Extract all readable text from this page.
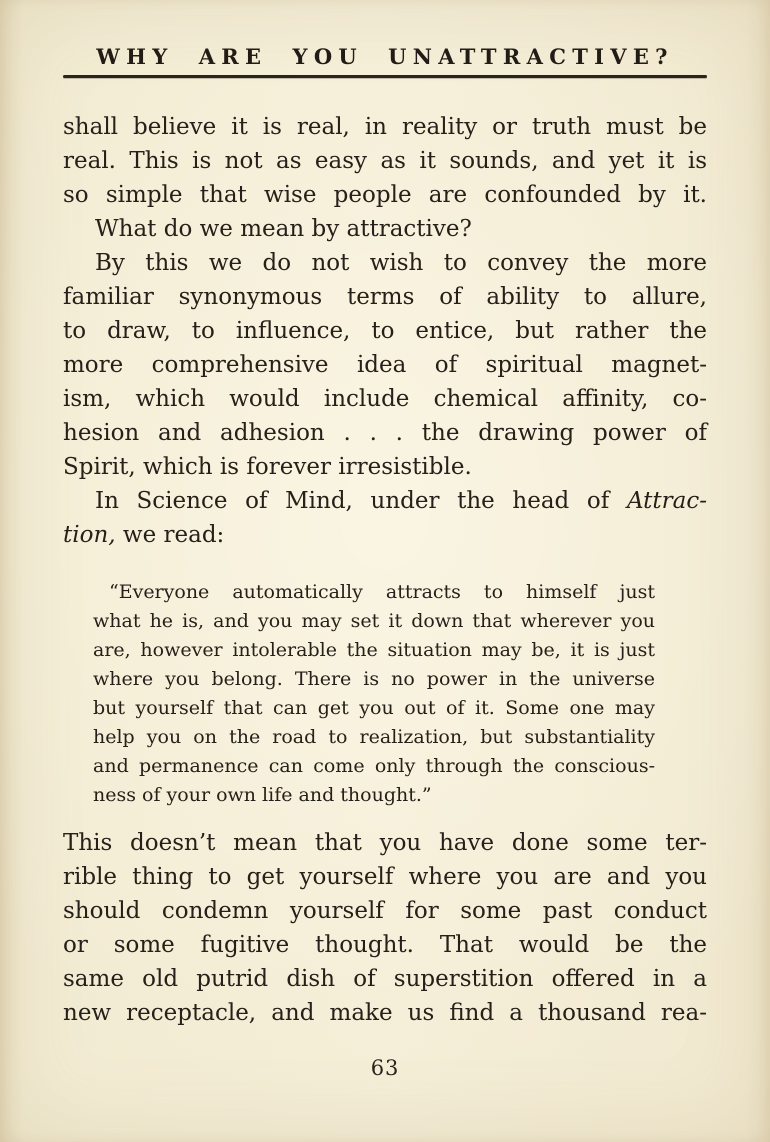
WHY ARE YOU UNATTRACTIVE?
shall believe it is real, in reality or truth must be
real. This is not as easy as it sounds, and yet it is
so simple that wise people are confounded by it.
What do we mean by attractive?
By this we do not wish to convey the more
familiar synonymous terms of ability to allure,
to draw, to influence, to entice, but rather the
more comprehensive idea of spiritual magnet-
ism, which would include chemical affinity, co-
hesion and adhesion . . . the drawing power of
Spirit, which is forever irresistible.
In Science of Mind, under the head of Attrac-
tion, we read:
“Everyone automatically attracts to himself just
what he is, and you may set it down that wherever you
are, however intolerable the situation may be, it is just
where you belong. There is no power in the universe
but yourself that can get you out of it. Some one may
help you on the road to realization, but substantiality
and permanence can come only through the conscious-
ness of your own life and thought.”
This doesn’t mean that you have done some ter-
rible thing to get yourself where you are and you
should condemn yourself for some past conduct
or some fugitive thought. That would be the
same old putrid dish of superstition offered in a
new receptacle, and make us find a thousand rea-
63
